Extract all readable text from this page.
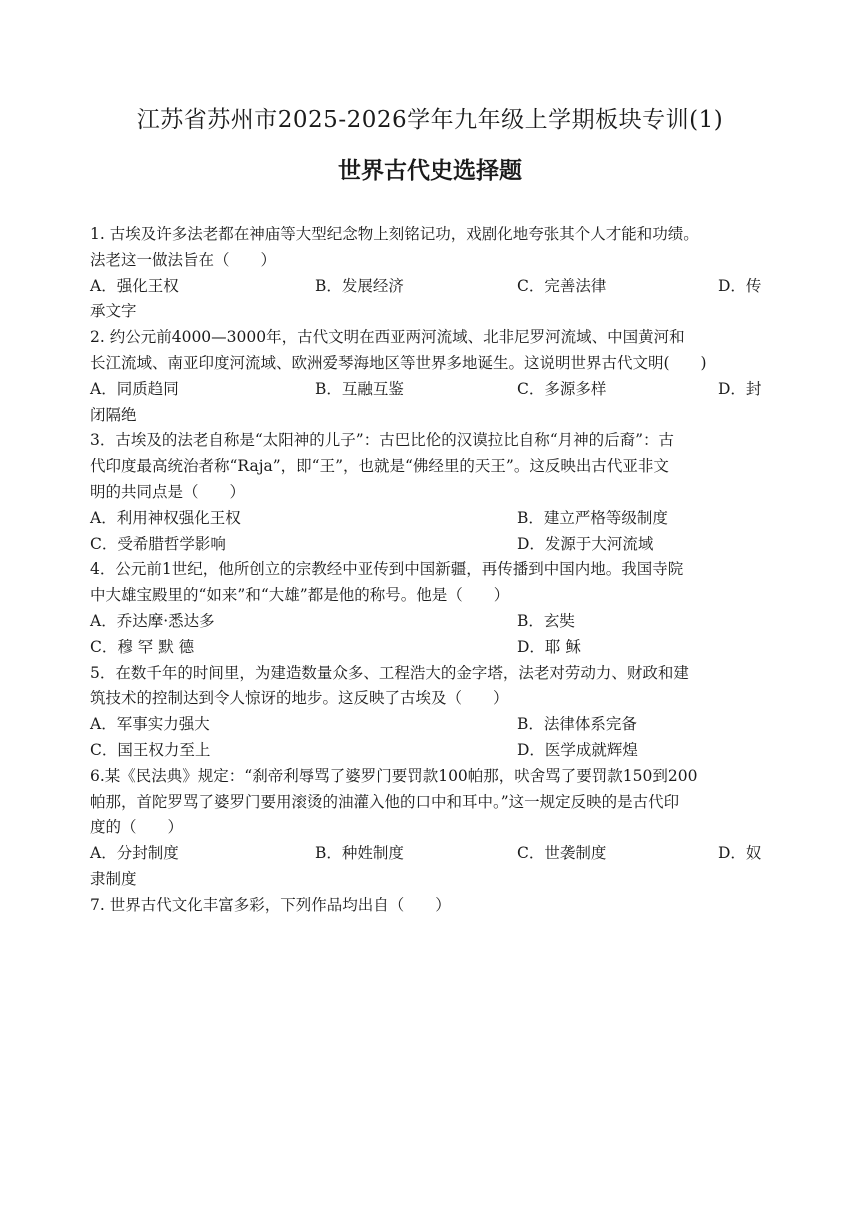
江苏省苏州市2025-2026学年九年级上学期板块专训(1)
世界古代史选择题
1. 古埃及许多法老都在神庙等大型纪念物上刻铭记功，戏剧化地夸张其个人才能和功绩。
法老这一做法旨在（　　）
A．强化王权	B．发展经济	C．完善法律	D．传
承文字
2. 约公元前4000—3000年，古代文明在西亚两河流域、北非尼罗河流域、中国黄河和
长江流域、南亚印度河流域、欧洲爱琴海地区等世界多地诞生。这说明世界古代文明(　　)
A．同质趋同	B．互融互鉴	C．多源多样	D．封
闭隔绝
3．古埃及的法老自称是“太阳神的儿子”：古巴比伦的汉谟拉比自称“月神的后裔”：古
代印度最高统治者称“Raja”，即“王”，也就是“佛经里的天王”。这反映出古代亚非文
明的共同点是（　　）
A．利用神权强化王权	B．建立严格等级制度
C．受希腊哲学影响	D．发源于大河流域
4．公元前1世纪，他所创立的宗教经中亚传到中国新疆，再传播到中国内地。我国寺院
中大雄宝殿里的“如来”和“大雄”都是他的称号。他是（　　）
A．乔达摩·悉达多	B．玄奘
C．穆 罕 默 德	D．耶 稣
5．在数千年的时间里，为建造数量众多、工程浩大的金字塔，法老对劳动力、财政和建
筑技术的控制达到令人惊讶的地步。这反映了古埃及（　　）
A．军事实力强大	B．法律体系完备
C．国王权力至上	D．医学成就辉煌
6.某《民法典》规定：“刹帝利辱骂了婆罗门要罚款100帕那，吠舍骂了要罚款150到200
帕那，首陀罗骂了婆罗门要用滚烫的油灌入他的口中和耳中。”这一规定反映的是古代印
度的（　　）
A．分封制度	B．种姓制度	C．世袭制度	D．奴
隶制度
7. 世界古代文化丰富多彩，下列作品均出自（　　）
